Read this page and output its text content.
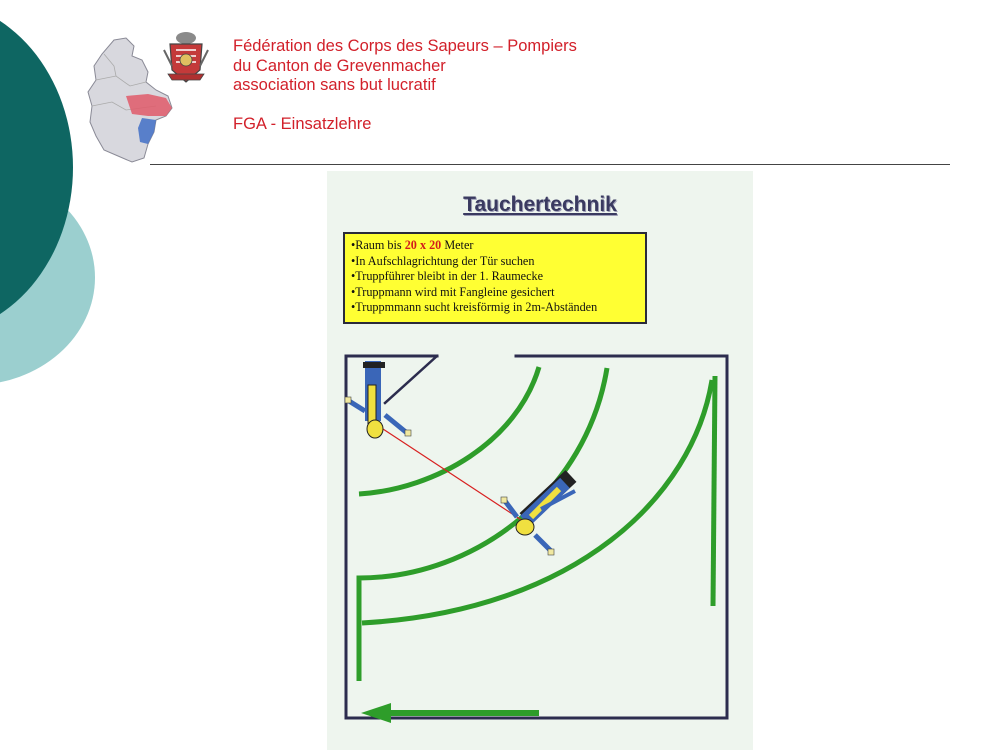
Fédération des Corps des Sapeurs – Pompiers
du Canton de Grevenmacher
association sans but lucratif
FGA - Einsatzlehre
Tauchertechnik
•Raum bis 20 x 20 Meter
•In Aufschlagrichtung der Tür suchen
•Truppführer bleibt in der 1. Raumecke
•Truppmann wird mit Fangleine gesichert
•Truppmmann sucht kreisförmig in 2m-Abständen
